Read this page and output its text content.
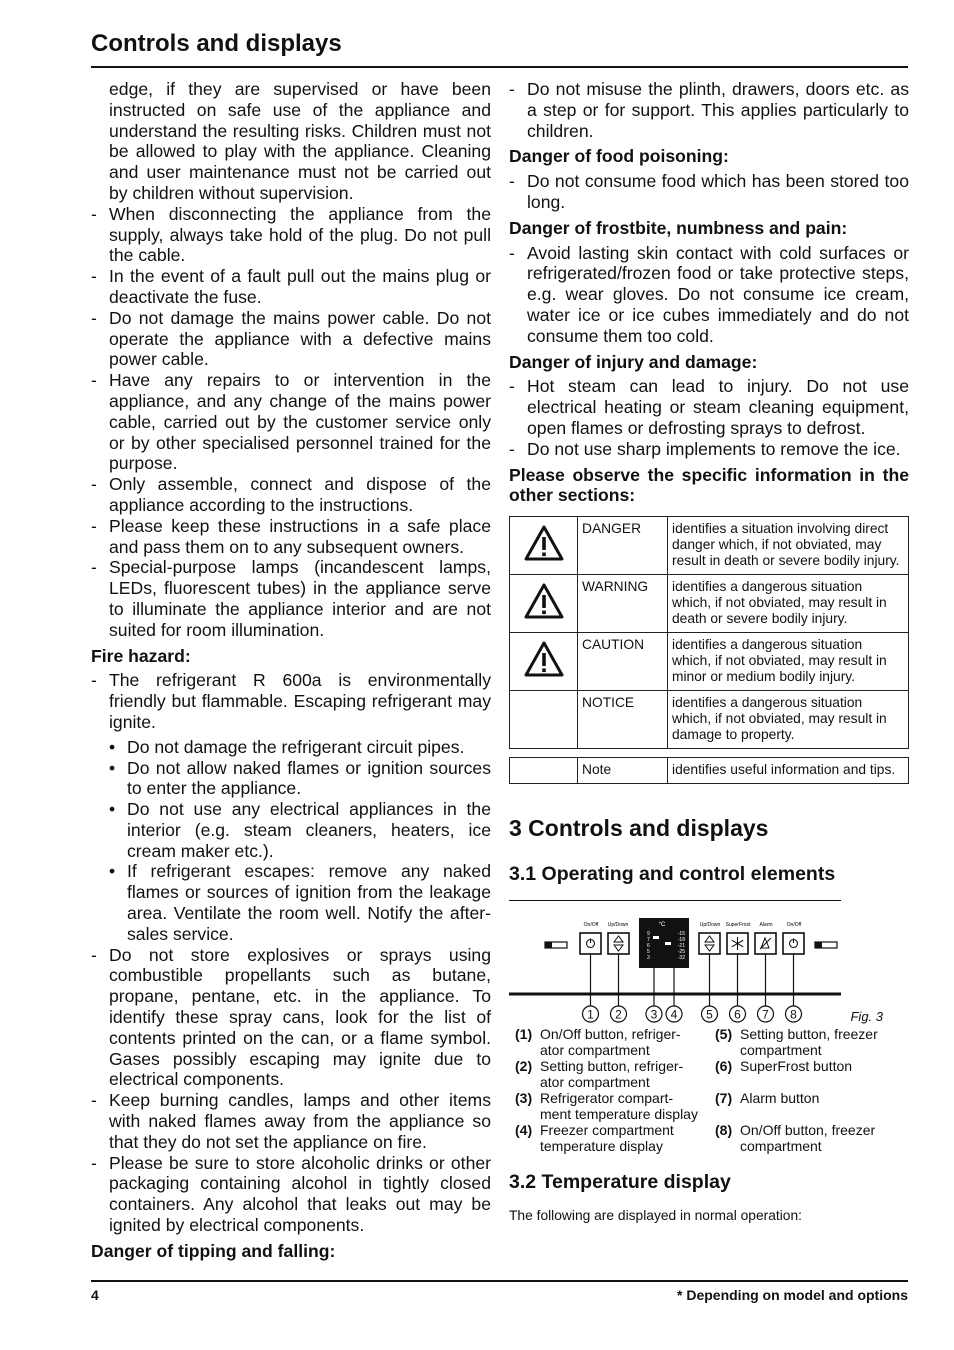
Controls and displays
edge, if they are supervised or have been instructed on safe use of the appliance and understand the resulting risks. Children must not be allowed to play with the appliance. Cleaning and user maintenance must not be carried out by children without supervision.
- When disconnecting the appliance from the supply, always take hold of the plug. Do not pull the cable.
- In the event of a fault pull out the mains plug or deactivate the fuse.
- Do not damage the mains power cable. Do not operate the appliance with a defective mains power cable.
- Have any repairs to or intervention in the appliance, and any change of the mains power cable, carried out by the customer service only or by other specialised personnel trained for the purpose.
- Only assemble, connect and dispose of the appliance according to the instructions.
- Please keep these instructions in a safe place and pass them on to any subsequent owners.
- Special-purpose lamps (incandescent lamps, LEDs, fluorescent tubes) in the appliance serve to illuminate the appliance interior and are not suited for room illumination.
Fire hazard:
- The refrigerant R 600a is environmentally friendly but flammable. Escaping refrigerant may ignite.
• Do not damage the refrigerant circuit pipes.
• Do not allow naked flames or ignition sources to enter the appliance.
• Do not use any electrical appliances in the interior (e.g. steam cleaners, heaters, ice cream maker etc.).
• If refrigerant escapes: remove any naked flames or sources of ignition from the leakage area. Ventilate the room well. Notify the after-sales service.
- Do not store explosives or sprays using combustible propellants such as butane, propane, pentane, etc. in the appliance. To identify these spray cans, look for the list of contents printed on the can, or a flame symbol. Gases possibly escaping may ignite due to electrical components.
- Keep burning candles, lamps and other items with naked flames away from the appliance so that they do not set the appliance on fire.
- Please be sure to store alcoholic drinks or other packaging containing alcohol in tightly closed containers. Any alcohol that leaks out may be ignited by electrical components.
Danger of tipping and falling:
- Do not misuse the plinth, drawers, doors etc. as a step or for support. This applies particularly to children.
Danger of food poisoning:
- Do not consume food which has been stored too long.
Danger of frostbite, numbness and pain:
- Avoid lasting skin contact with cold surfaces or refrigerated/frozen food or take protective steps, e.g. wear gloves. Do not consume ice cream, water ice or ice cubes immediately and do not consume them too cold.
Danger of injury and damage:
- Hot steam can lead to injury. Do not use electrical heating or steam cleaning equipment, open flames or defrosting sprays to defrost.
- Do not use sharp implements to remove the ice.
Please observe the specific information in the other sections:
	DANGER	identifies a situation involving direct danger which, if not obviated, may result in death or severe bodily injury.
	WARNING	identifies a dangerous situation which, if not obviated, may result in death or severe bodily injury.
	CAUTION	identifies a dangerous situation which, if not obviated, may result in minor or medium bodily injury.
	NOTICE	identifies a dangerous situation which, if not obviated, may result in damage to property.
	Note	identifies useful information and tips.
3 Controls and displays
3.1 Operating and control elements
On/Off Up/Down	Up/Down SuperFrost Alarm	On/Off
°C
9
7
6
5
3
-15
-18
-21
-25
-32
1 2 3 4 5 6 7 8	Fig. 3
(1) On/Off button, refriger-ator compartment
(5) Setting button, freezer compartment
(2) Setting button, refriger-ator compartment
(6) SuperFrost button
(3) Refrigerator compart-ment temperature display
(7) Alarm button
(4) Freezer compartment temperature display
(8) On/Off button, freezer compartment
3.2 Temperature display
The following are displayed in normal operation:
4	* Depending on model and options
